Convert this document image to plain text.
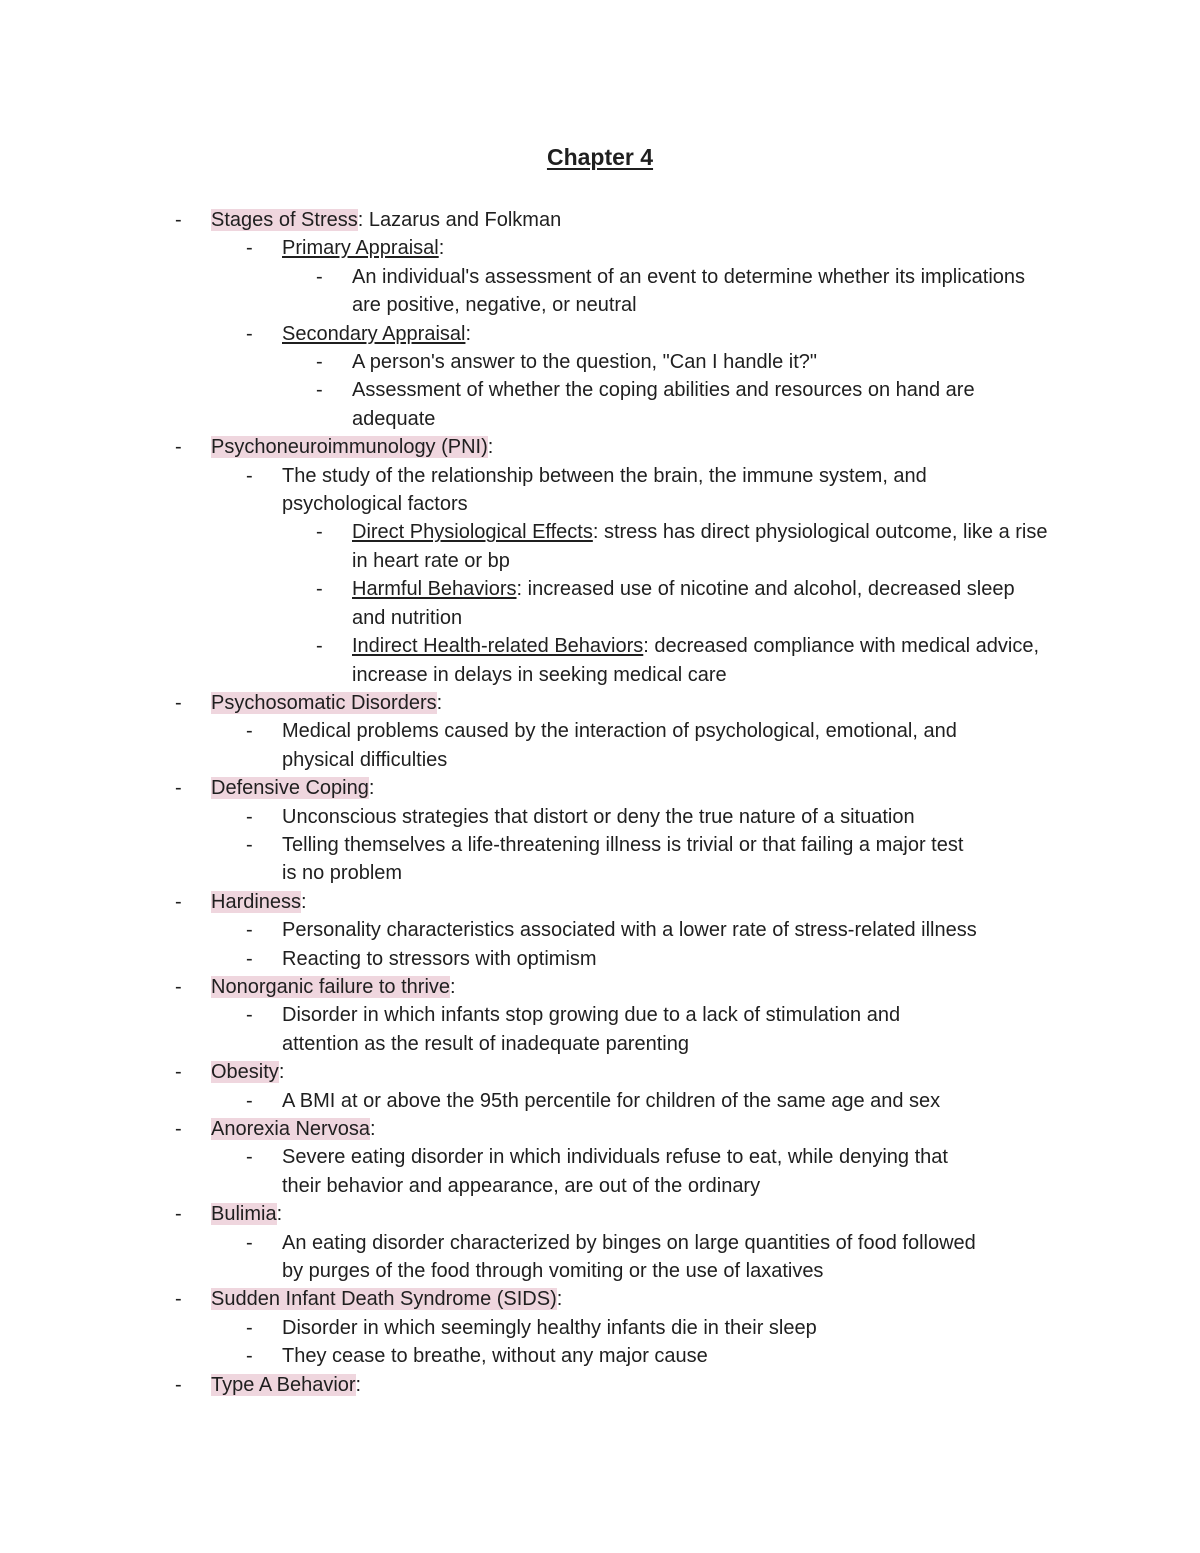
Chapter 4
- Stages of Stress: Lazarus and Folkman
- Primary Appraisal:
- An individual's assessment of an event to determine whether its implications are positive, negative, or neutral
- Secondary Appraisal:
- A person's answer to the question, "Can I handle it?"
- Assessment of whether the coping abilities and resources on hand are adequate
- Psychoneuroimmunology (PNI):
- The study of the relationship between the brain, the immune system, and psychological factors
- Direct Physiological Effects: stress has direct physiological outcome, like a rise in heart rate or bp
- Harmful Behaviors: increased use of nicotine and alcohol, decreased sleep and nutrition
- Indirect Health-related Behaviors: decreased compliance with medical advice, increase in delays in seeking medical care
- Psychosomatic Disorders:
- Medical problems caused by the interaction of psychological, emotional, and physical difficulties
- Defensive Coping:
- Unconscious strategies that distort or deny the true nature of a situation
- Telling themselves a life-threatening illness is trivial or that failing a major test is no problem
- Hardiness:
- Personality characteristics associated with a lower rate of stress-related illness
- Reacting to stressors with optimism
- Nonorganic failure to thrive:
- Disorder in which infants stop growing due to a lack of stimulation and attention as the result of inadequate parenting
- Obesity:
- A BMI at or above the 95th percentile for children of the same age and sex
- Anorexia Nervosa:
- Severe eating disorder in which individuals refuse to eat, while denying that their behavior and appearance, are out of the ordinary
- Bulimia:
- An eating disorder characterized by binges on large quantities of food followed by purges of the food through vomiting or the use of laxatives
- Sudden Infant Death Syndrome (SIDS):
- Disorder in which seemingly healthy infants die in their sleep
- They cease to breathe, without any major cause
- Type A Behavior:
